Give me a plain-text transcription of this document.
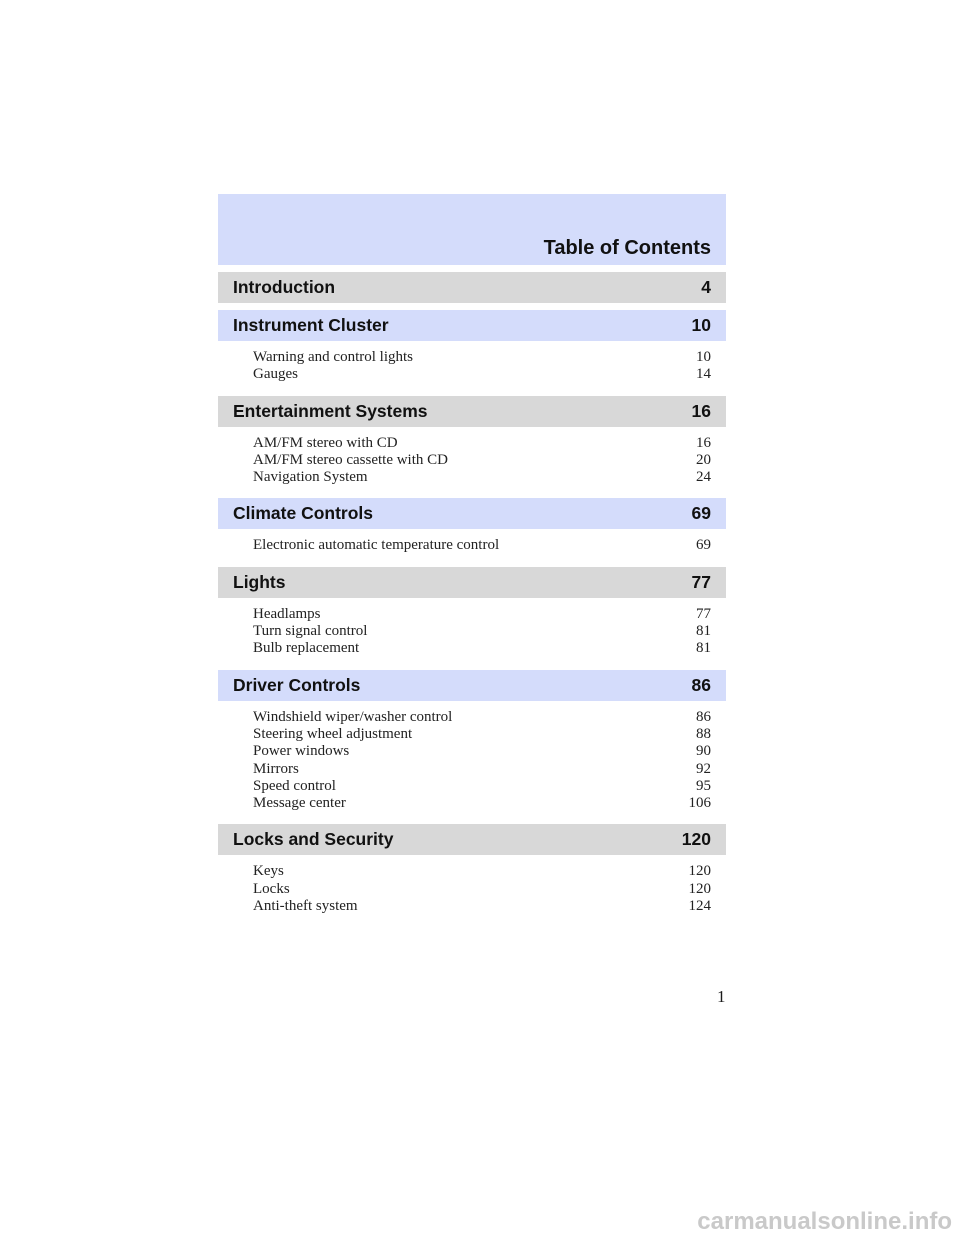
Table of Contents
Introduction	4
Instrument Cluster	10
Warning and control lights	10
Gauges	14
Entertainment Systems	16
AM/FM stereo with CD	16
AM/FM stereo cassette with CD	20
Navigation System	24
Climate Controls	69
Electronic automatic temperature control	69
Lights	77
Headlamps	77
Turn signal control	81
Bulb replacement	81
Driver Controls	86
Windshield wiper/washer control	86
Steering wheel adjustment	88
Power windows	90
Mirrors	92
Speed control	95
Message center	106
Locks and Security	120
Keys	120
Locks	120
Anti-theft system	124
1
carmanualsonline.info
